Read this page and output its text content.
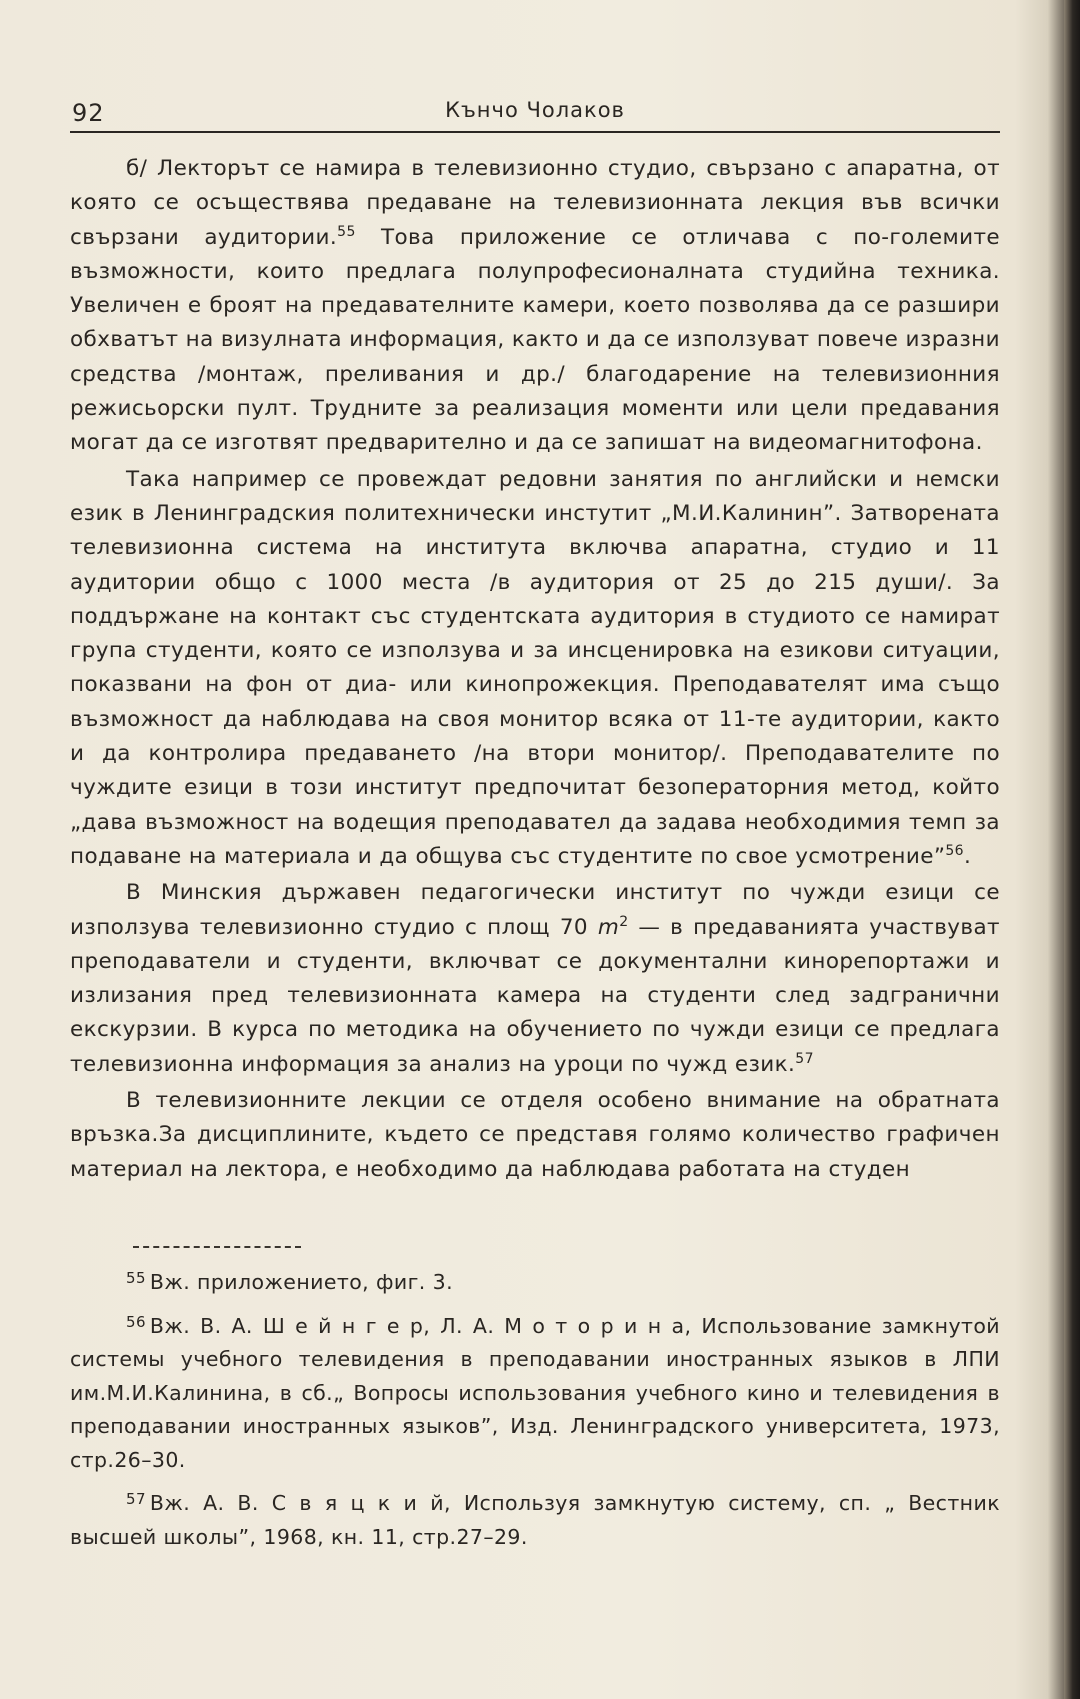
92	Кънчо Чолаков

б/ Лекторът се намира в телевизионно студио, свързано с апаратна, от която се осъществява предаване на телевизионната лекция във всички свързани аудитории.$^{55}$ Това приложение се отличава с по-големите възможности, които предлага полупрофесионалната студийна техника. Увеличен е броят на предавателните камери, което позволява да се разшири обхватът на визулната информация, както и да се използуват повече изразни средства /монтаж, преливания и др./ благодарение на телевизионния режисьорски пулт. Трудните за реализация моменти или цели предавания могат да се изготвят предварително и да се запишат на видеомагнитофона.

Така например се провеждат редовни занятия по английски и немски език в Ленинградския политехнически инстутит „М.И.Калинин”. Затворената телевизионна система на института включва апаратна, студио и 11 аудитории общо с 1000 места /в аудитория от 25 до 215 души/. За поддържане на контакт със студентската аудитория в студиото се намират група студенти, която се използува и за инсценировка на езикови ситуации, показвани на фон от диа- или кинопрожекция. Преподавателят има също възможност да наблюдава на своя монитор всяка от 11-те аудитории, както и да контролира предаването /на втори монитор/. Преподавателите по чуждите езици в този институт предпочитат безоператорния метод, който „дава възможност на водещия преподавател да задава необходимия темп за подаване на материала и да общува със студентите по свое усмотрение”$^{56}$.

В Минския държавен педагогически институт по чужди езици се използува телевизионно студио с площ 70 $m^2$ — в предаванията участвуват преподаватели и студенти, включват се документални кинорепортажи и излизания пред телевизионната камера на студенти след задгранични екскурзии. В курса по методика на обучението по чужди езици се предлага телевизионна информация за анализ на уроци по чужд език.$^{57}$

В телевизионните лекции се отделя особено внимание на обратната връзка.За дисциплините, където се представя голямо количество графичен материал на лектора, е необходимо да наблюдава работата на студен

$^{55}$ Вж. приложението, фиг. 3.

$^{56}$ Вж. В. А. Ш е й н г е р, Л. А. М о т о р и н а, Использование замкнутой системы учебного телевидения в преподавании иностранных языков в ЛПИ им.М.И.Калинина, в сб.„ Вопросы использования учебного кино и телевидения в преподавании иностранных языков”, Изд. Ленинградского университета, 1973, стр.26–30.

$^{57}$ Вж. А. В. С в я ц к и й, Используя замкнутую систему, сп. „ Вестник высшей школы”, 1968, кн. 11, стр.27–29.
